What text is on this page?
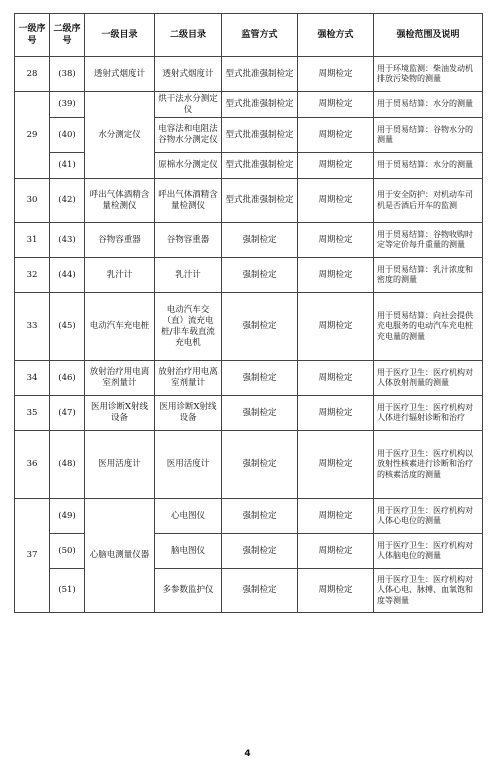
一级序号	二级序号	一级目录	二级目录	监管方式	强检方式	强检范围及说明
28	(38)	透射式烟度计	透射式烟度计	型式批准强制检定	周期检定	用于环境监测：柴油发动机排放污染物的测量
29	(39)	水分测定仪	烘干法水分测定仪	型式批准强制检定	周期检定	用于贸易结算：水分的测量
	(40)		电容法和电阻法谷物水分测定仪	型式批准强制检定	周期检定	用于贸易结算：谷物水分的测量
	(41)		原棉水分测定仪	型式批准强制检定	周期检定	用于贸易结算：水分的测量
30	(42)	呼出气体酒精含量检测仪	呼出气体酒精含量检测仪	型式批准强制检定	周期检定	用于安全防护：对机动车司机是否酒后开车的监测
31	(43)	谷物容重器	谷物容重器	强制检定	周期检定	用于贸易结算：谷物收购时定等定价每升重量的测量
32	(44)	乳汁计	乳汁计	强制检定	周期检定	用于贸易结算：乳汁浓度和密度的测量
33	(45)	电动汽车充电桩	电动汽车交（直）流充电桩/非车载直流充电机	强制检定	周期检定	用于贸易结算：向社会提供充电服务的电动汽车充电桩充电量的测量
34	(46)	放射治疗用电离室剂量计	放射治疗用电离室剂量计	强制检定	周期检定	用于医疗卫生：医疗机构对人体放射剂量的测量
35	(47)	医用诊断X射线设备	医用诊断X射线设备	强制检定	周期检定	用于医疗卫生：医疗机构对人体进行辐射诊断和治疗
36	(48)	医用活度计	医用活度计	强制检定	周期检定	用于医疗卫生：医疗机构以放射性核素进行诊断和治疗的核素活度的测量
37	(49)	心脑电测量仪器	心电图仪	强制检定	周期检定	用于医疗卫生：医疗机构对人体心电位的测量
	(50)		脑电图仪	强制检定	周期检定	用于医疗卫生：医疗机构对人体脑电位的测量
	(51)		多参数监护仪	强制检定	周期检定	用于医疗卫生：医疗机构对人体心电、脉搏、血氧饱和度等测量
4
